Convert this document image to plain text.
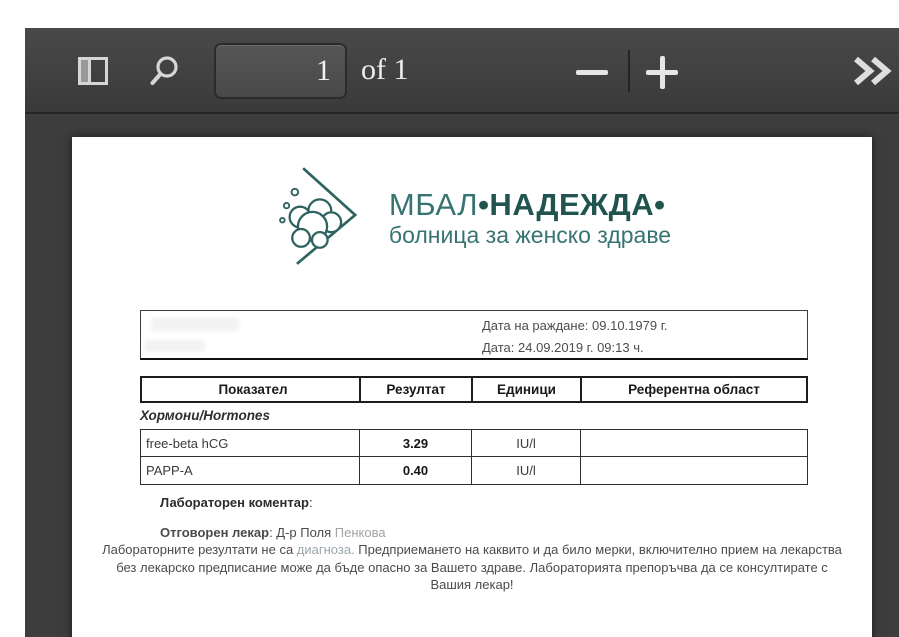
1
of 1
МБАЛ•НАДЕЖДА•
болница за женско здраве
Дата на раждане: 09.10.1979 г.
Дата: 24.09.2019 г. 09:13 ч.
Показател	Резултат	Единици	Референтна област
Хормони/Hormones
free-beta hCG	3.29	IU/l
PAPP-A	0.40	IU/l
Лабораторен коментар:
Отговорен лекар: Д-р Поля Пенкова
Лабораторните резултати не са диагноза. Предприемането на каквито и да било мерки, включително прием на лекарства без лекарско предписание може да бъде опасно за Вашето здраве. Лабораторията препоръчва да се консултирате с Вашия лекар!
